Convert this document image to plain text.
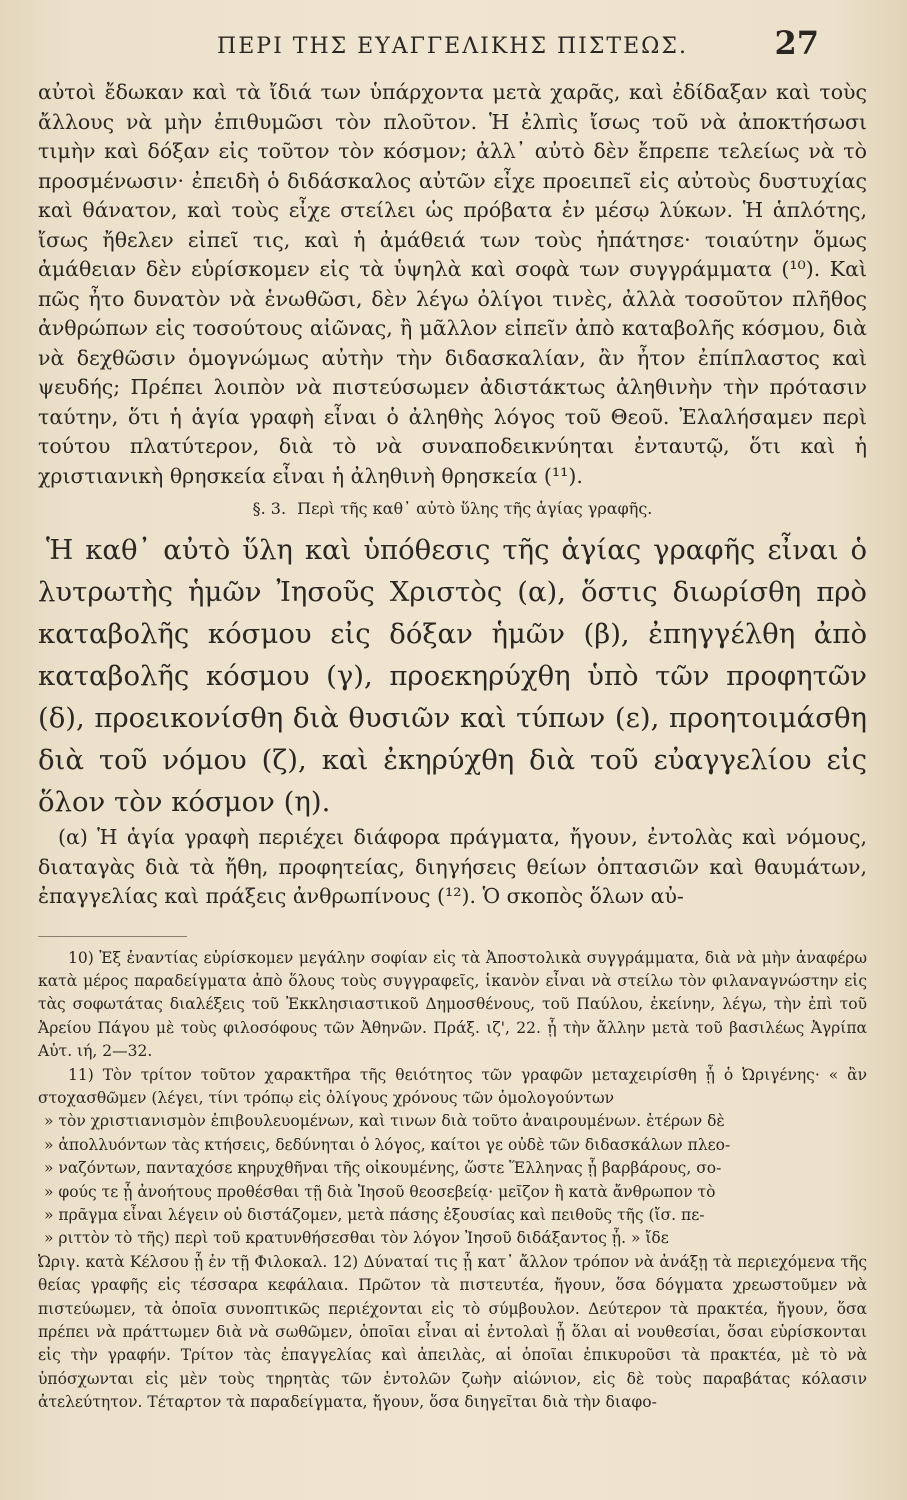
ΠΕΡΙ ΤΗΣ ΕΥΑΓΓΕΛΙΚΗΣ ΠΙΣΤΕΩΣ.	27

αὐτοὶ ἔδωκαν καὶ τὰ ἴδιά των ὑπάρχοντα μετὰ χαρᾶς, καὶ ἐδίδαξαν καὶ τοὺς ἄλλους νὰ μὴν ἐπιθυμῶσι τὸν πλοῦτον. Ἡ ἐλπὶς ἴσως τοῦ νὰ ἀποκτήσωσι τιμὴν καὶ δόξαν εἰς τοῦτον τὸν κόσμον; ἀλλ᾽ αὐτὸ δὲν ἔπρεπε τελείως νὰ τὸ προσμένωσιν· ἐπειδὴ ὁ διδάσκαλος αὐτῶν εἶχε προειπεῖ εἰς αὐτοὺς δυστυχίας καὶ θάνατον, καὶ τοὺς εἶχε στείλει ὡς πρόβατα ἐν μέσῳ λύκων. Ἡ ἁπλότης, ἴσως ἤθελεν εἰπεῖ τις, καὶ ἡ ἀμάθειά των τοὺς ἠπάτησε· τοιαύτην ὅμως ἀμάθειαν δὲν εὑρίσκομεν εἰς τὰ ὑψηλὰ καὶ σοφὰ των συγγράμματα (¹⁰). Καὶ πῶς ἦτο δυνατὸν νὰ ἑνωθῶσι, δὲν λέγω ὀλίγοι τινὲς, ἀλλὰ τοσοῦτον πλῆθος ἀνθρώπων εἰς τοσούτους αἰῶνας, ἢ μᾶλλον εἰπεῖν ἀπὸ καταβολῆς κόσμου, διὰ νὰ δεχθῶσιν ὁμογνώμως αὐτὴν τὴν διδασκαλίαν, ἂν ἦτον ἐπίπλαστος καὶ ψευδής; Πρέπει λοιπὸν νὰ πιστεύσωμεν ἀδιστάκτως ἀληθινὴν τὴν πρότασιν ταύτην, ὅτι ἡ ἁγία γραφὴ εἶναι ὁ ἀληθὴς λόγος τοῦ Θεοῦ. Ἐλαλήσαμεν περὶ τούτου πλατύτερον, διὰ τὸ νὰ συναποδεικνύηται ἐνταυτῷ, ὅτι καὶ ἡ χριστιανικὴ θρησκεία εἶναι ἡ ἀληθινὴ θρησκεία (¹¹).

§. 3. Περὶ τῆς καθ᾽ αὐτὸ ὕλης τῆς ἁγίας γραφῆς.

Ἡ καθ᾽ αὐτὸ ὕλη καὶ ὑπόθεσις τῆς ἁγίας γραφῆς εἶναι ὁ λυτρωτὴς ἡμῶν Ἰησοῦς Χριστὸς (α), ὅστις διωρίσθη πρὸ καταβολῆς κόσμου εἰς δόξαν ἡμῶν (β), ἐπηγγέλθη ἀπὸ καταβολῆς κόσμου (γ), προεκηρύχθη ὑπὸ τῶν προφητῶν (δ), προεικονίσθη διὰ θυσιῶν καὶ τύπων (ε), προητοιμάσθη διὰ τοῦ νόμου (ζ), καὶ ἐκηρύχθη διὰ τοῦ εὐαγγελίου εἰς ὅλον τὸν κόσμον (η).

(α) Ἡ ἁγία γραφὴ περιέχει διάφορα πράγματα, ἤγουν, ἐντολὰς καὶ νόμους, διαταγὰς διὰ τὰ ἤθη, προφητείας, διηγήσεις θείων ὀπτασιῶν καὶ θαυμάτων, ἐπαγγελίας καὶ πράξεις ἀνθρωπίνους (¹²). Ὁ σκοπὸς ὅλων αὐ-

10) Ἐξ ἐναντίας εὑρίσκομεν μεγάλην σοφίαν εἰς τὰ Ἀποστολικὰ συγγράμματα, διὰ νὰ μὴν ἀναφέρω κατὰ μέρος παραδείγματα ἀπὸ ὅλους τοὺς συγγραφεῖς, ἱκανὸν εἶναι νὰ στείλω τὸν φιλαναγνώστην εἰς τὰς σοφωτάτας διαλέξεις τοῦ Ἐκκλησιαστικοῦ Δημοσθένους, τοῦ Παύλου, ἐκείνην, λέγω, τὴν ἐπὶ τοῦ Ἀρείου Πάγου μὲ τοὺς φιλοσόφους τῶν Ἀθηνῶν. Πράξ. ιζ', 22. ᾗ τὴν ἄλλην μετὰ τοῦ βασιλέως Ἀγρίπα Αὐτ. ιή, 2—32.

11) Τὸν τρίτον τοῦτον χαρακτῆρα τῆς θειότητος τῶν γραφῶν μεταχειρίσθη ᾗ ὁ Ὠριγένης· « ἂν στοχασθῶμεν (λέγει, τίνι τρόπῳ εἰς ὀλίγους χρόνους τῶν ὁμολογούντων

» τὸν χριστιανισμὸν ἐπιβουλευομένων, καὶ τινων διὰ τοῦτο ἀναιρουμένων. ἑτέρων δὲ

» ἀπολλυόντων τὰς κτήσεις, δεδύνηται ὁ λόγος, καίτοι γε οὐδὲ τῶν διδασκάλων πλεο-

» ναζόντων, πανταχόσε κηρυχθῆναι τῆς οἰκουμένης, ὥστε Ἕλληνας ᾗ βαρβάρους, σο-

» φούς τε ᾗ ἀνοήτους προθέσθαι τῇ διὰ Ἰησοῦ θεοσεβείᾳ· μεῖζον ἢ κατὰ ἄνθρωπον τὸ

» πρᾶγμα εἶναι λέγειν οὐ διστάζομεν, μετὰ πάσης ἐξουσίας καὶ πειθοῦς τῆς (ἴσ. πε-

» ριττὸν τὸ τῆς) περὶ τοῦ κρατυνθήσεσθαι τὸν λόγον Ἰησοῦ διδάξαντος ᾗ. » ἴδε

Ὠριγ. κατὰ Κέλσου ᾗ ἐν τῇ Φιλοκαλ. 12) Δύναταί τις ᾗ κατ᾽ ἄλλον τρόπον νὰ ἀνάξῃ τὰ περιεχόμενα τῆς θείας γραφῆς εἰς τέσσαρα κεφάλαια. Πρῶτον τὰ πιστευτέα, ἤγουν, ὅσα δόγματα χρεωστοῦμεν νὰ πιστεύωμεν, τὰ ὁποῖα συνοπτικῶς περιέχονται εἰς τὸ σύμβουλον. Δεύτερον τὰ πρακτέα, ἤγουν, ὅσα πρέπει νὰ πράττωμεν διὰ νὰ σωθῶμεν, ὁποῖαι εἶναι αἱ ἐντολαὶ ᾗ ὅλαι αἱ νουθεσίαι, ὅσαι εὑρίσκονται εἰς τὴν γραφήν. Τρίτον τὰς ἐπαγγελίας καὶ ἀπειλὰς, αἱ ὁποῖαι ἐπικυροῦσι τὰ πρακτέα, μὲ τὸ νὰ ὑπόσχωνται εἰς μὲν τοὺς τηρητὰς τῶν ἐντολῶν ζωὴν αἰώνιον, εἰς δὲ τοὺς παραβάτας κόλασιν ἀτελεύτητον. Τέταρτον τὰ παραδείγματα, ἤγουν, ὅσα διηγεῖται διὰ τὴν διαφο-
